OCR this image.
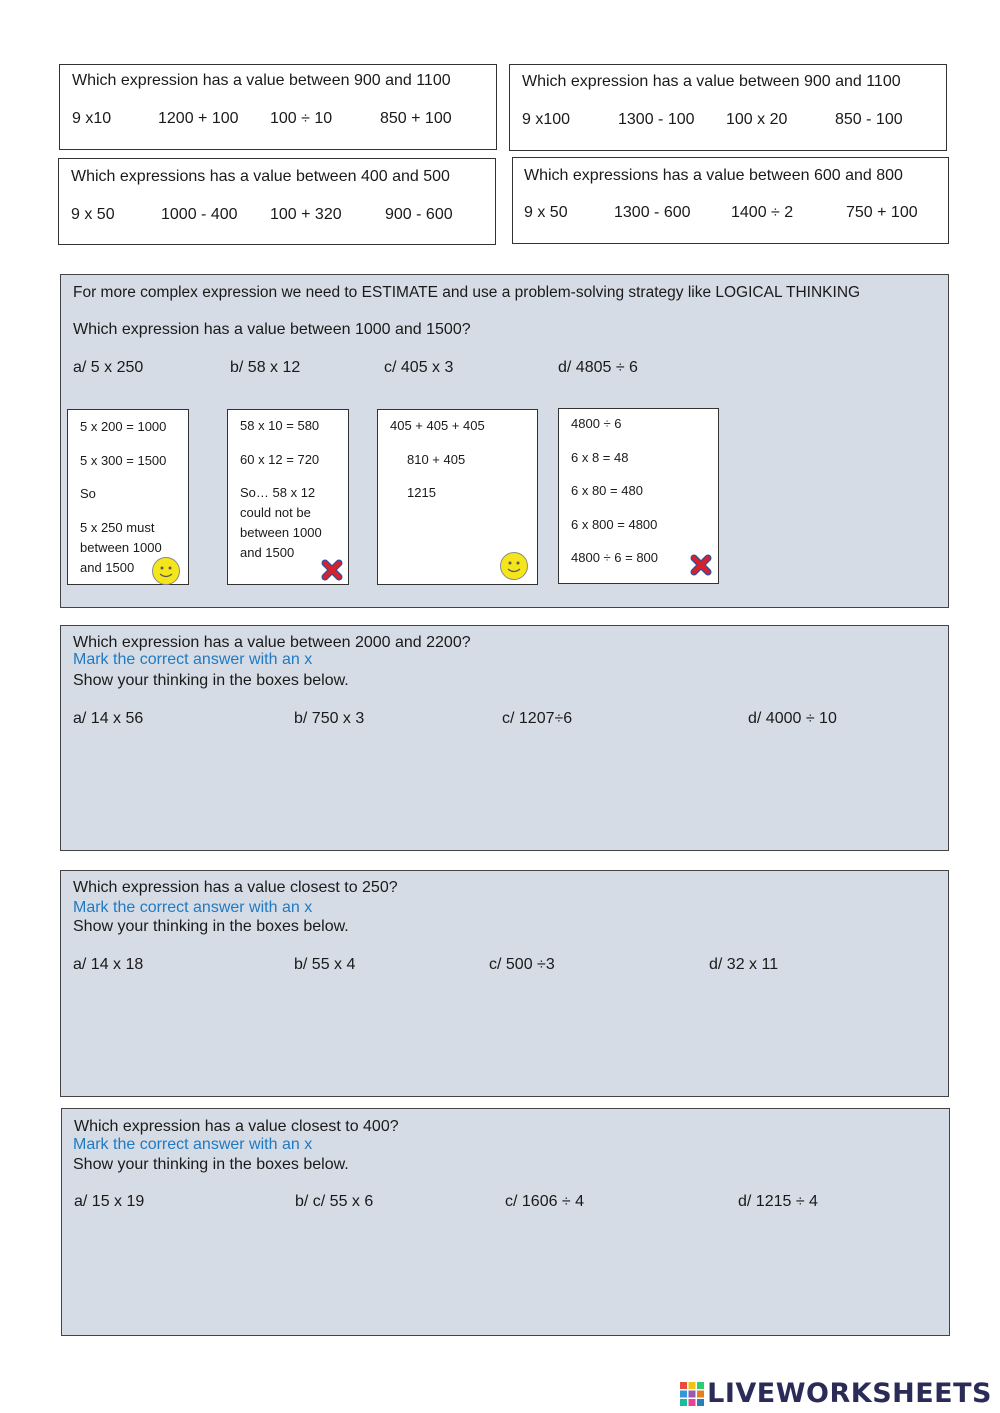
Which expression has a value between 900 and 1100
9 x10	1200 + 100 100 ÷ 10	850 + 100
Which expression has a value between 900 and 1100
9 x100	1300 - 100 100 x 20	850 - 100
Which expressions has a value between 400 and 500
9 x 50	1000 - 400 100 + 320	900 - 600
Which expressions has a value between 600 and 800
9 x 50	1300 - 600	1400 ÷ 2	750 + 100
For more complex expression we need to ESTIMATE and use a problem-solving strategy like LOGICAL THINKING
Which expression has a value between 1000 and 1500?
a/ 5 x 250	b/ 58 x 12	c/ 405 x 3	d/ 4805 ÷ 6
5 x 200 = 1000
5 x 300 = 1500
So
5 x 250 must
between 1000
and 1500
58 x 10 = 580
60 x 12 = 720
So… 58 x 12
could not be
between 1000
and 1500
405 + 405 + 405
810 + 405
1215
4800 ÷ 6
6 x 8 = 48
6 x 80 = 480
6 x 800 = 4800
4800 ÷ 6 = 800
Which expression has a value between 2000 and 2200?
Mark the correct answer with an x
Show your thinking in the boxes below.
a/ 14 x 56	b/ 750 x 3	c/ 1207÷6	d/ 4000 ÷ 10
Which expression has a value closest to 250?
Mark the correct answer with an x
Show your thinking in the boxes below.
a/ 14 x 18	b/ 55 x 4	c/ 500 ÷3	d/ 32 x 11
Which expression has a value closest to 400?
Mark the correct answer with an x
Show your thinking in the boxes below.
a/ 15 x 19	b/ c/ 55 x 6	c/ 1606 ÷ 4	d/ 1215 ÷ 4
LIVEWORKSHEETS
